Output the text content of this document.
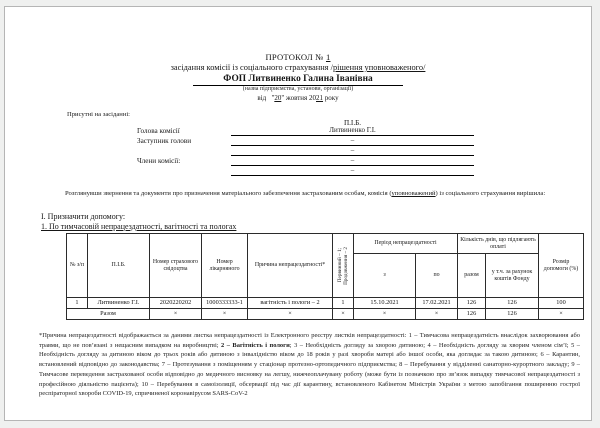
ПРОТОКОЛ № 1
засідання комісії із соціального страхування /рішення уповноваженого/
ФОП Литвиненко Галина Іванівна
(назва підприємства, установи, організації)
від   "20" жовтня 2021 року
Присутні на засіданні:
П.І.Б.
Голова комісії	Литвиненко Г.І.
Заступник голови	–
–
Члени комісії:	–
–
Розглянувши звернення та документи про призначення матеріального забезпечення застрахованим особам, комісія (уповноважений) із соціального страхування вирішила:
І. Призначити допомогу:
1. По тимчасовій непрацездатності, вагітності та пологах
№ з/п	П.І.Б.	Номер страхового свідоцтва	Номер лікарняного	Причина непрацездатності*	Первинний – 1; Продовження – 2	Період непрацездатності		Кількість днів, що підлягають оплаті		Розмір допомоги (%)
						з	по	разом	у т.ч. за рахунок коштів Фонду	
1	Литвиненко Г.І.	2020220202	1000333333-1	вагітність і пологи – 2	1	15.10.2021	17.02.2021	126	126	100
Разом		×	×	×	×	×	×	126	126	×
*Причина непрацездатності відображається за даними листка непрацездатності із Електронного реєстру листків непрацездатності: 1 – Тимчасова непрацездатність внаслідок захворювання або травми, що не пов’язані з нещасним випадком на виробництві; 2 – Вагітність і пологи; 3 – Необхідність догляду за хворою дитиною; 4 – Необхідність догляду за хворим членом сім’ї; 5 – Необхідність догляду за дитиною віком до трьох років або дитиною з інвалідністю віком до 18 років у разі хвороби матері або іншої особи, яка доглядає за такою дитиною; 6 – Карантин, встановлений відповідно до законодавства; 7 – Протезування з поміщенням у стаціонар протезно-ортопедичного підприємства; 8 – Перебування у відділенні санаторно-курортного закладу; 9 – Тимчасове переведення застрахованої особи відповідно до медичного висновку на легшу, нижчеоплачувану роботу (може бути із позначкою про зв’язок випадку тимчасової непрацездатності з професійною діяльністю пацієнта); 10 – Перебування в самоізоляції, обсервації під час дії карантину, встановленого Кабінетом Міністрів України з метою запобігання поширенню гострої респіраторної хвороби COVID-19, спричиненої коронавірусом SARS-CoV-2
